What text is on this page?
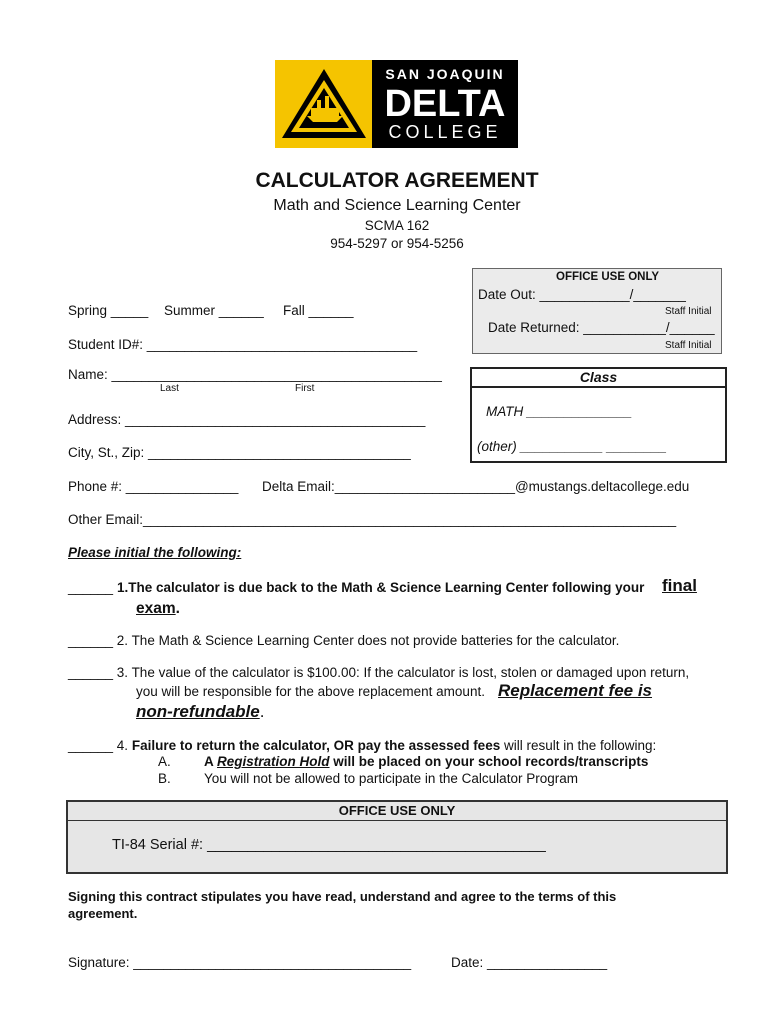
SAN JOAQUIN
DELTA
COLLEGE
CALCULATOR AGREEMENT
Math and Science Learning Center
SCMA 162
954-5297 or 954-5256
OFFICE USE ONLY
Date Out: ____________/_______
Staff Initial
Date Returned: ___________/______
Staff Initial
Spring _____ Summer ______ Fall ______
Student ID#: ____________________________________
Name: ____________________________________________
Last	First
Class
MATH ______________
(other) ___________ ________
Address: ________________________________________
City, St., Zip: ___________________________________
Phone #: _______________ Delta Email:________________________@mustangs.deltacollege.edu
Other Email:_______________________________________________________________________
Please initial the following:
______ 1.The calculator is due back to the Math & Science Learning Center following your final
exam.
______ 2. The Math & Science Learning Center does not provide batteries for the calculator.
______ 3. The value of the calculator is $100.00: If the calculator is lost, stolen or damaged upon return,
you will be responsible for the above replacement amount. Replacement fee is
non-refundable.
______ 4. Failure to return the calculator, OR pay the assessed fees will result in the following:
A. A Registration Hold will be placed on your school records/transcripts
B. You will not be allowed to participate in the Calculator Program
OFFICE USE ONLY
TI-84 Serial #: __________________________________________
Signing this contract stipulates you have read, understand and agree to the terms of this
agreement.
Signature: _____________________________________	Date: ________________
